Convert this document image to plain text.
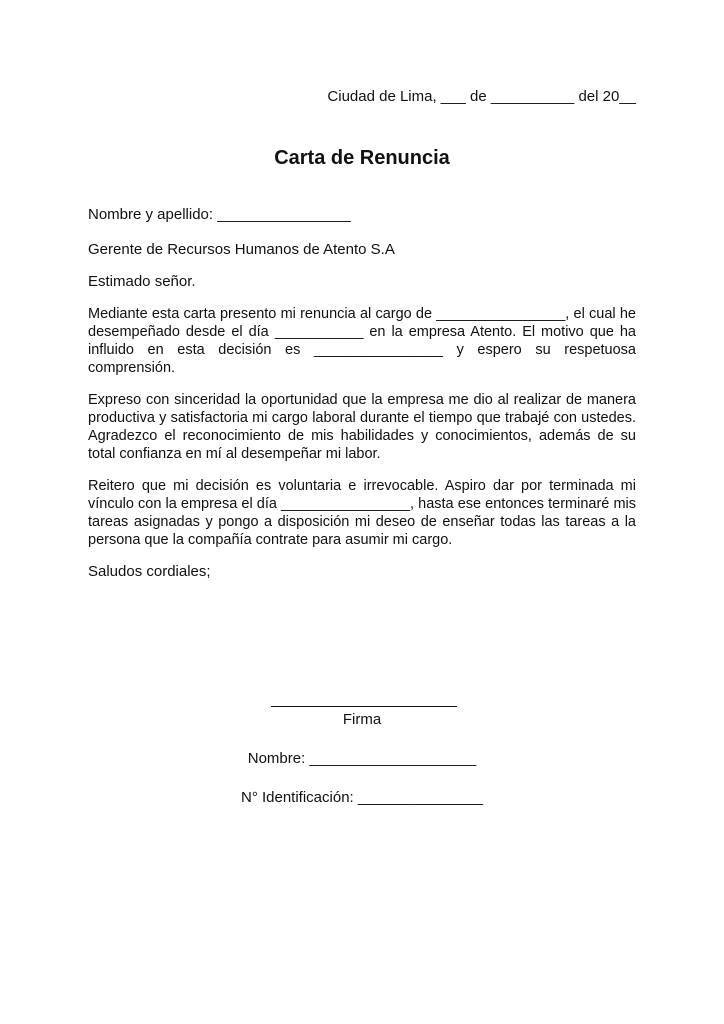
Ciudad de Lima, ___ de __________ del 20__
Carta de Renuncia
Nombre y apellido: ________________
Gerente de Recursos Humanos de Atento S.A
Estimado señor.
Mediante esta carta presento mi renuncia al cargo de ________________, el cual he desempeñado desde el día ___________ en la empresa Atento. El motivo que ha influido en esta decisión es ________________ y espero su respetuosa comprensión.
Expreso con sinceridad la oportunidad que la empresa me dio al realizar de manera productiva y satisfactoria mi cargo laboral durante el tiempo que trabajé con ustedes. Agradezco el reconocimiento de mis habilidades y conocimientos, además de su total confianza en mí al desempeñar mi labor.
Reitero que mi decisión es voluntaria e irrevocable. Aspiro dar por terminada mi vínculo con la empresa el día ________________, hasta ese entonces terminaré mis tareas asignadas y pongo a disposición mi deseo de enseñar todas las tareas a la persona que la compañía contrate para asumir mi cargo.
Saludos cordiales;
Firma
Nombre: ____________________
N° Identificación: _______________
